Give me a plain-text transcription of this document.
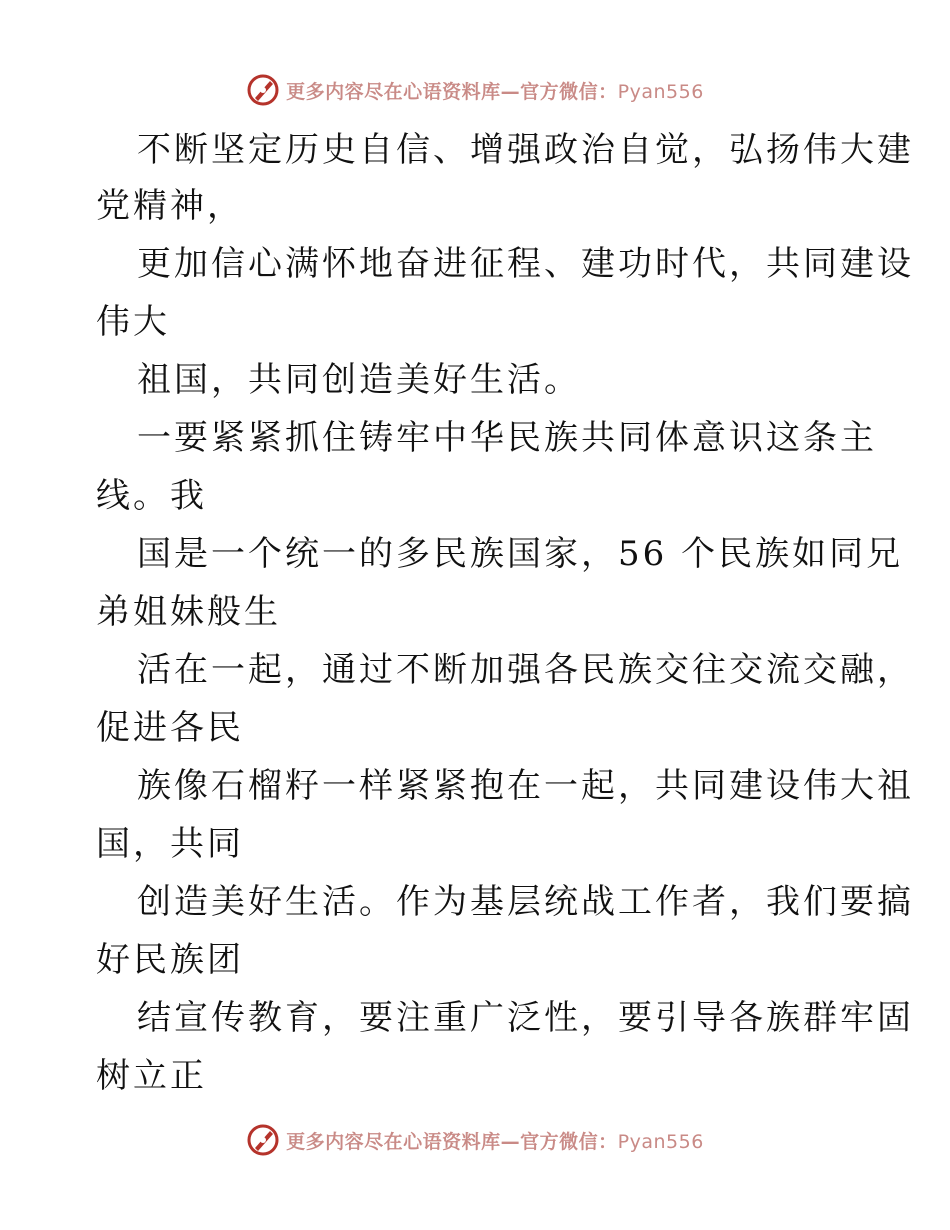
更多内容尽在心语资料库—官方微信：Pyan556
不断坚定历史自信、增强政治自觉，弘扬伟大建
党精神，
更加信心满怀地奋进征程、建功时代，共同建设
伟大
祖国，共同创造美好生活。
一要紧紧抓住铸牢中华民族共同体意识这条主
线。我
国是一个统一的多民族国家，56 个民族如同兄
弟姐妹般生
活在一起，通过不断加强各民族交往交流交融，
促进各民
族像石榴籽一样紧紧抱在一起，共同建设伟大祖
国，共同
创造美好生活。作为基层统战工作者，我们要搞
好民族团
结宣传教育，要注重广泛性，要引导各族群牢固
树立正
更多内容尽在心语资料库—官方微信：Pyan556
